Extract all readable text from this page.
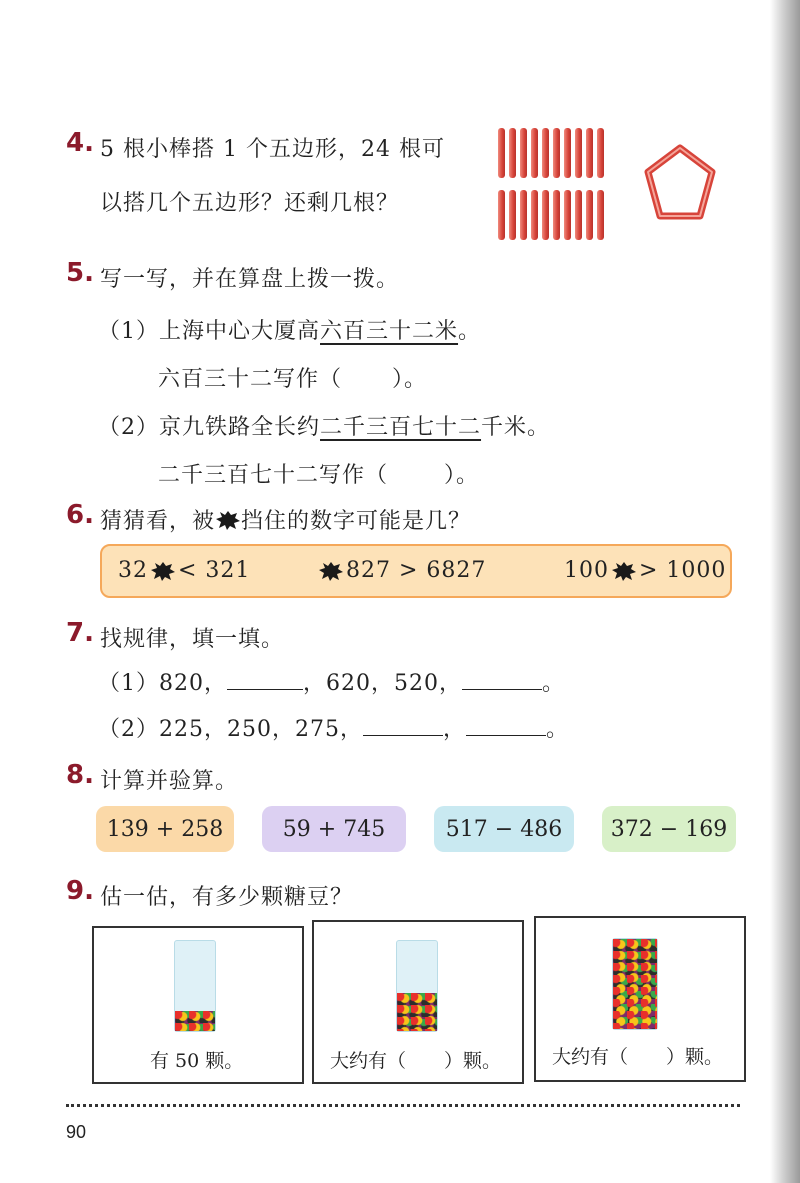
4. 5 根小棒搭 1 个五边形，24 根可
以搭几个五边形？还剩几根？
5. 写一写，并在算盘上拨一拨。
（1）上海中心大厦高六百三十二米。
六百三十二写作（ ）。
（2）京九铁路全长约二千三百七十二千米。
二千三百七十二写作（	）。
6. 猜猜看，被 挡住的数字可能是几？
32 < 321	827 > 6827	100 > 1000
7. 找规律，填一填。
（1）820，	，620，520，	。
（2）225，250，275，	，	。
8. 计算并验算。
139 + 258	59 + 745	517 − 486	372 − 169
9. 估一估，有多少颗糖豆？
有 50 颗。	大约有（　　）颗。	大约有（　　）颗。
90
